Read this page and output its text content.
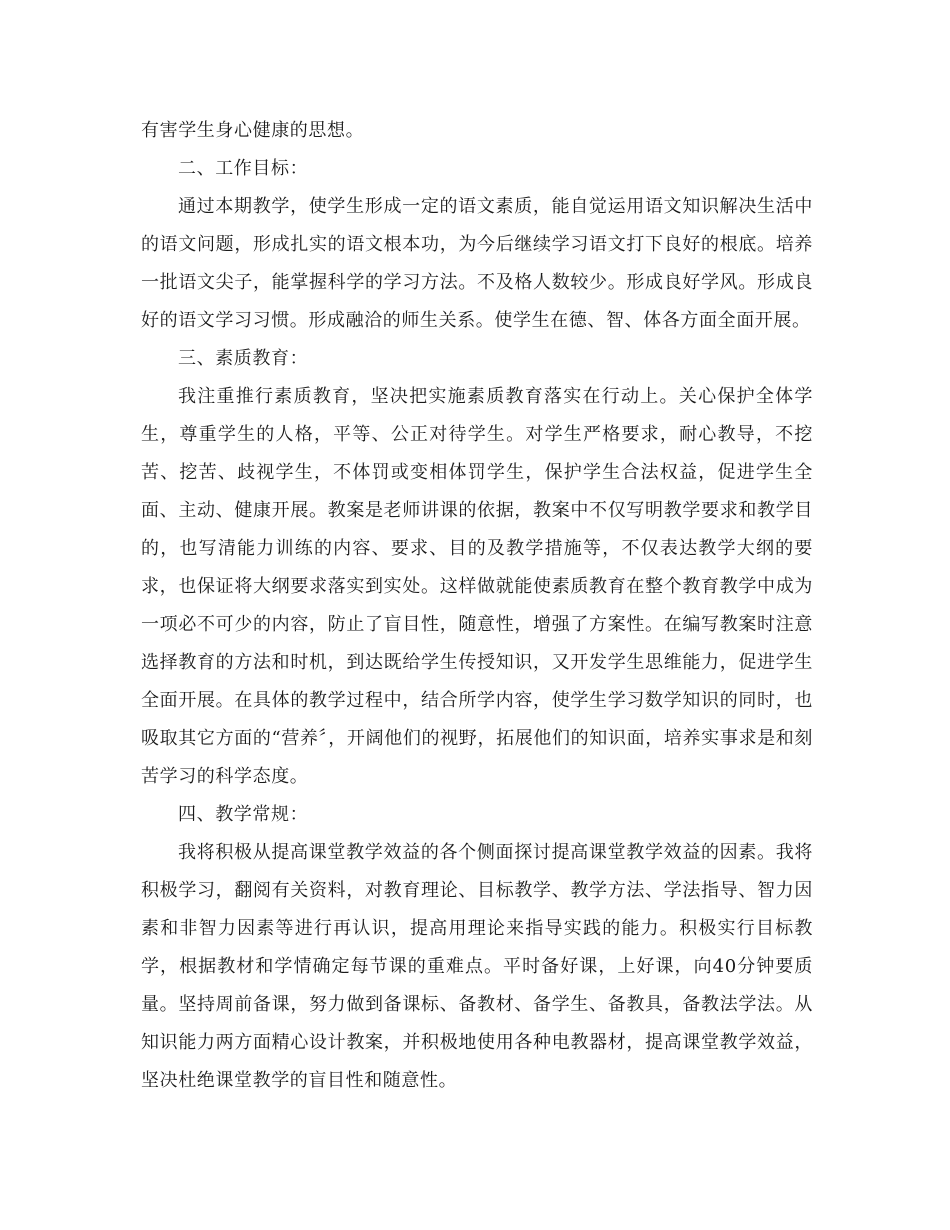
有害学生身心健康的思想。

二、工作目标：

通过本期教学，使学生形成一定的语文素质，能自觉运用语文知识解决生活中的语文问题，形成扎实的语文根本功，为今后继续学习语文打下良好的根底。培养一批语文尖子，能掌握科学的学习方法。不及格人数较少。形成良好学风。形成良好的语文学习习惯。形成融洽的师生关系。使学生在德、智、体各方面全面开展。

三、素质教育：

我注重推行素质教育，坚决把实施素质教育落实在行动上。关心保护全体学生，尊重学生的人格，平等、公正对待学生。对学生严格要求，耐心教导，不挖苦、挖苦、歧视学生，不体罚或变相体罚学生，保护学生合法权益，促进学生全面、主动、健康开展。教案是老师讲课的依据，教案中不仅写明教学要求和教学目的，也写清能力训练的内容、要求、目的及教学措施等，不仅表达教学大纲的要求，也保证将大纲要求落实到实处。这样做就能使素质教育在整个教育教学中成为一项必不可少的内容，防止了盲目性，随意性，增强了方案性。在编写教案时注意选择教育的方法和时机，到达既给学生传授知识，又开发学生思维能力，促进学生全面开展。在具体的教学过程中，结合所学内容，使学生学习数学知识的同时，也吸取其它方面的“营养〞，开阔他们的视野，拓展他们的知识面，培养实事求是和刻苦学习的科学态度。

四、教学常规：

我将积极从提高课堂教学效益的各个侧面探讨提高课堂教学效益的因素。我将积极学习，翻阅有关资料，对教育理论、目标教学、教学方法、学法指导、智力因素和非智力因素等进行再认识，提高用理论来指导实践的能力。积极实行目标教学，根据教材和学情确定每节课的重难点。平时备好课，上好课，向40分钟要质量。坚持周前备课，努力做到备课标、备教材、备学生、备教具，备教法学法。从知识能力两方面精心设计教案，并积极地使用各种电教器材，提高课堂教学效益，坚决杜绝课堂教学的盲目性和随意性。
